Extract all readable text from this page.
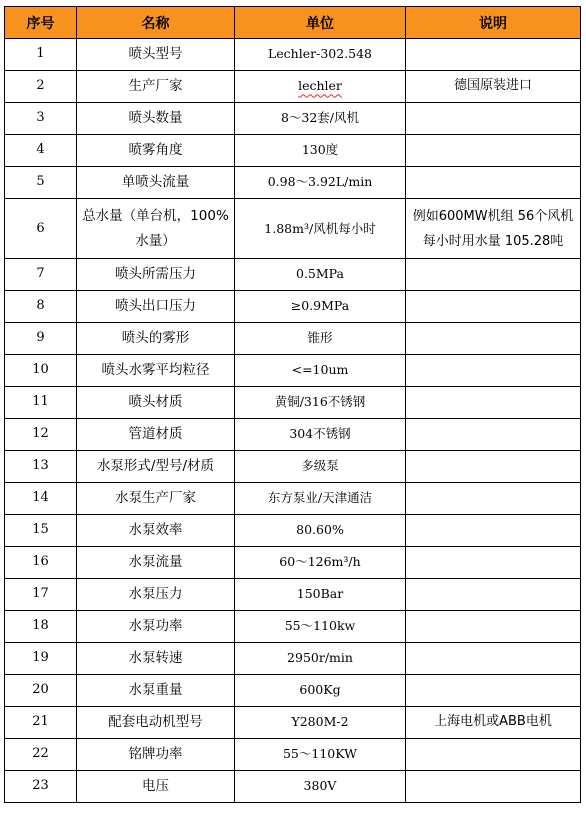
序号	名称	单位	说明
1	喷头型号	Lechler-302.548	
2	生产厂家	lechler	德国原装进口
3	喷头数量	8～32套/风机	
4	喷雾角度	130度	
5	单喷头流量	0.98～3.92L/min	
6	总水量（单台机，100%水量）	1.88m³/风机每小时	例如600MW机组 56个风机每小时用水量 105.28吨
7	喷头所需压力	0.5MPa	
8	喷头出口压力	≥0.9MPa	
9	喷头的雾形	锥形	
10	喷头水雾平均粒径	<=10um	
11	喷头材质	黄铜/316不锈钢	
12	管道材质	304不锈钢	
13	水泵形式/型号/材质	多级泵	
14	水泵生产厂家	东方泵业/天津通洁	
15	水泵效率	80.60%	
16	水泵流量	60～126m³/h	
17	水泵压力	150Bar	
18	水泵功率	55～110kw	
19	水泵转速	2950r/min	
20	水泵重量	600Kg	
21	配套电动机型号	Y280M-2	上海电机或ABB电机
22	铭牌功率	55～110KW	
23	电压	380V	
